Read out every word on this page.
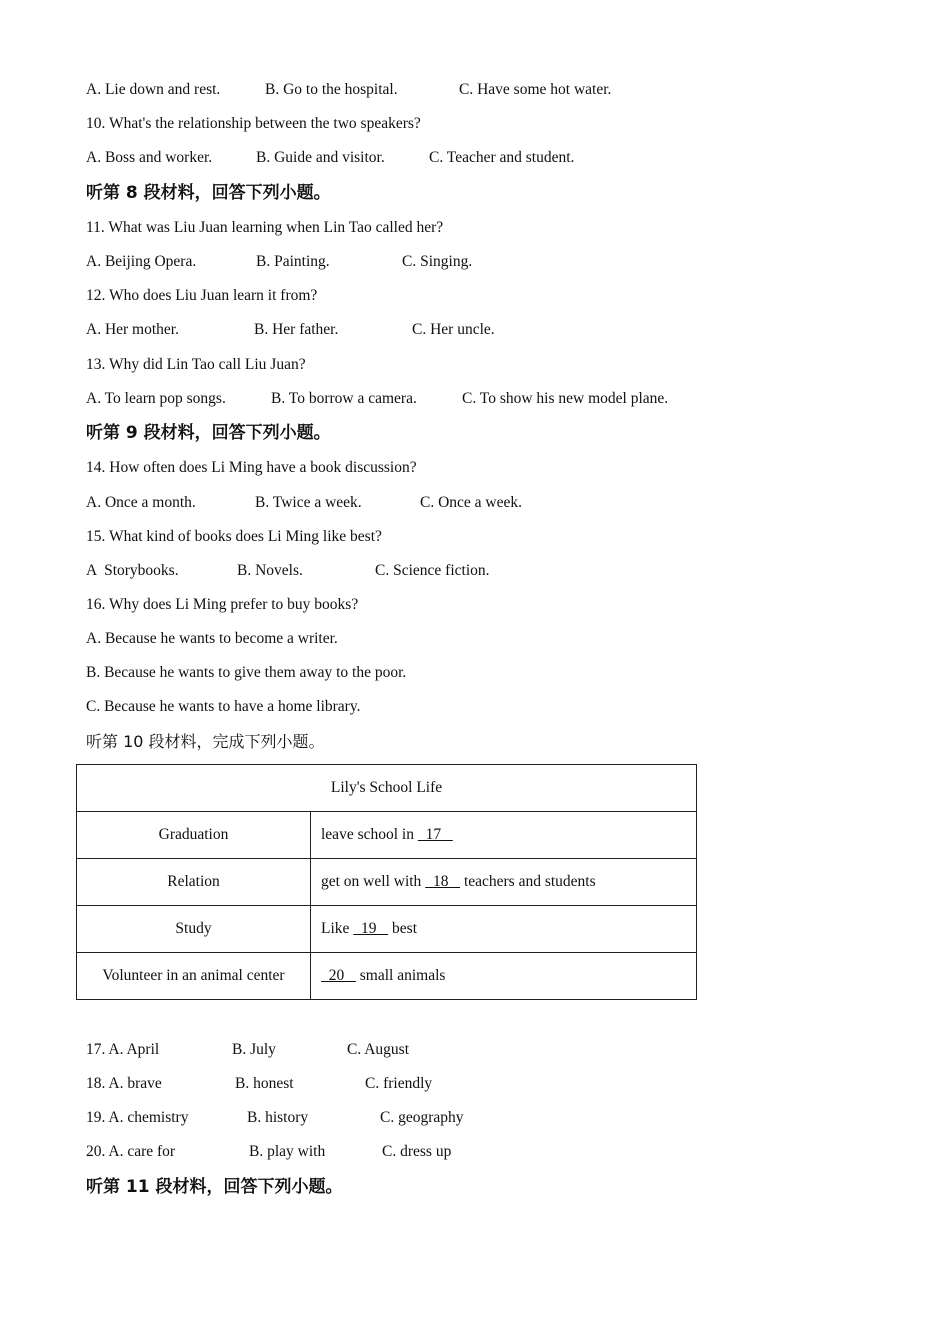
A. Lie down and rest.

	B. Go to the hospital.

	C. Have some hot water.

10. What's the relationship between the two speakers?

A. Boss and worker.

	B. Guide and visitor.

	C. Teacher and student.

听第 8 段材料，回答下列小题。
11. What was Liu Juan learning when Lin Tao called her?

A. Beijing Opera.

	B. Painting.

	C. Singing.

12. Who does Liu Juan learn it from?

A. Her mother.

	B. Her father.

	C. Her uncle.

13. Why did Lin Tao call Liu Juan?

A. To learn pop songs.

	B. To borrow a camera.

	C. To show his new model plane.

听第 9 段材料，回答下列小题。
14. How often does Li Ming have a book discussion?

A. Once a month.

	B. Twice a week.

	C. Once a week.

15. What kind of books does Li Ming like best?

A  Storybooks.

	B. Novels.

	C. Science fiction.

16. Why does Li Ming prefer to buy books?
A. Because he wants to become a writer.
B. Because he wants to give them away to the poor.
C. Because he wants to have a home library.
听第 10 段材料，完成下列小题。
Lily's School Life	
Graduation	leave school in   17
Relation	get on well with   18    teachers and students
Study	Like   19    best
Volunteer in an animal center	20    small animals

17. A. April

	B. July

	C. August

18. A. brave

	B. honest

	C. friendly

19. A. chemistry

	B. history

	C. geography

20. A. care for

	B. play with

	C. dress up

听第 11 段材料，回答下列小题。
